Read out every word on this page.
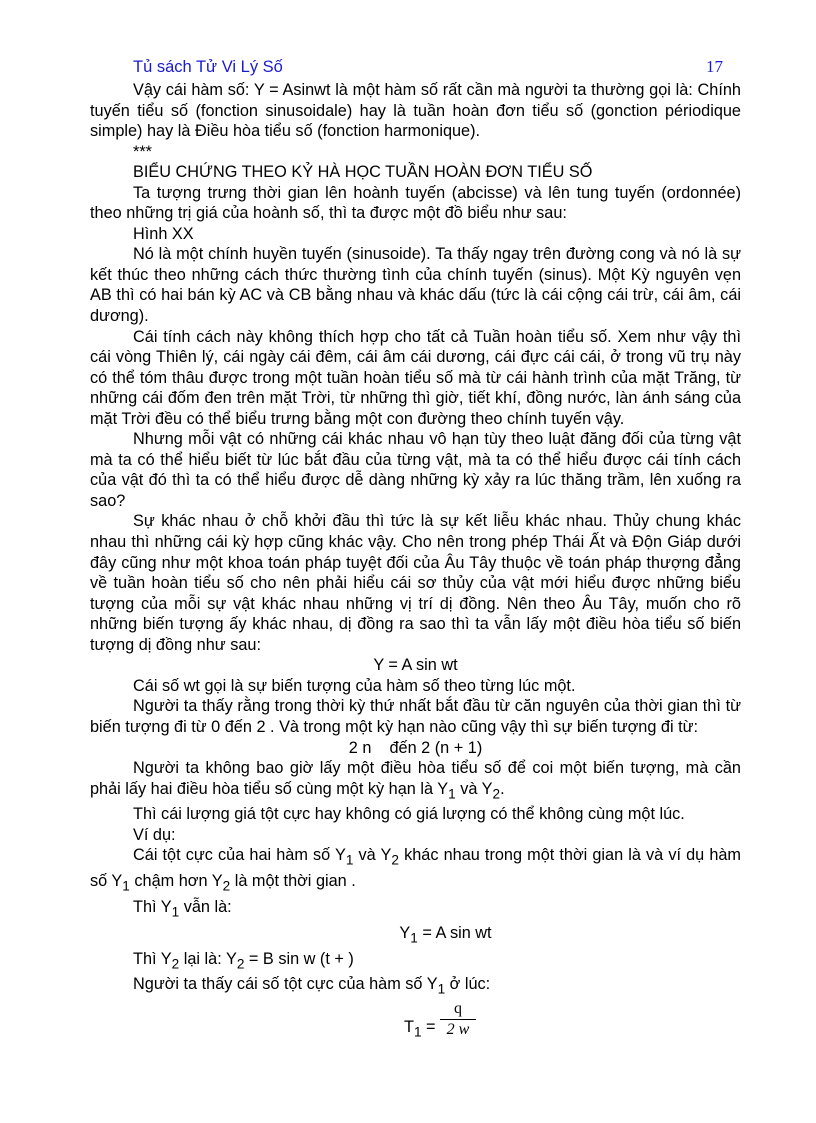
Tủ sách Tử Vi Lý Số	17

Vậy cái hàm số: Y = Asinwt là một hàm số rất cần mà người ta thường gọi là: Chính tuyến tiểu số (fonction sinusoidale) hay là tuần hoàn đơn tiểu số (gonction périodique simple) hay là Điều hòa tiểu số (fonction harmonique).

***

BIỂU CHỨNG THEO KỶ HÀ HỌC TUẦN HOÀN ĐƠN TIỂU SỐ

Ta tượng trưng thời gian lên hoành tuyến (abcisse) và lên tung tuyến (ordonnée) theo những trị giá của hoành số, thì ta được một đồ biểu như sau:

Hình XX

Nó là một chính huyền tuyến (sinusoide). Ta thấy ngay trên đường cong và nó là sự kết thúc theo những cách thức thường tình của chính tuyến (sinus). Một Kỳ nguyên vẹn AB thì có hai bán kỳ AC và CB bằng nhau và khác dấu (tức là cái cộng cái trừ, cái âm, cái dương).

Cái tính cách này không thích hợp cho tất cả Tuần hoàn tiểu số. Xem như vậy thì cái vòng Thiên lý, cái ngày cái đêm, cái âm cái dương, cái đực cái cái, ở trong vũ trụ này có thể tóm thâu được trong một tuần hoàn tiểu số mà từ cái hành trình của mặt Trăng, từ những cái đốm đen trên mặt Trời, từ những thì giờ, tiết khí, đồng nước, làn ánh sáng của mặt Trời đều có thể biểu trưng bằng một con đường theo chính tuyến vậy.

Nhưng mỗi vật có những cái khác nhau vô hạn tùy theo luật đăng đối của từng vật mà ta có thể hiểu biết từ lúc bắt đầu của từng vật, mà ta có thể hiểu được cái tính cách của vật đó thì ta có thể hiểu được dễ dàng những kỳ xảy ra lúc thăng trầm, lên xuống ra sao?

Sự khác nhau ở chỗ khởi đầu thì tức là sự kết liễu khác nhau. Thủy chung khác nhau thì những cái kỳ hợp cũng khác vậy. Cho nên trong phép Thái Ất và Độn Giáp dưới đây cũng như một khoa toán pháp tuyệt đối của Âu Tây thuộc về toán pháp thượng đẳng về tuần hoàn tiểu số cho nên phải hiểu cái sơ thủy của vật mới hiểu được những biểu tượng của mỗi sự vật khác nhau những vị trí dị đồng. Nên theo Âu Tây, muốn cho rõ những biến tượng ấy khác nhau, dị đồng ra sao thì ta vẫn lấy một điều hòa tiểu số biến tượng dị đồng như sau:

Y = A sin wt

Cái số wt gọi là sự biến tượng của hàm số theo từng lúc một.

Người ta thấy rằng trong thời kỳ thứ nhất bắt đầu từ căn nguyên của thời gian thì từ biến tượng đi từ 0 đến 2 . Và trong một kỳ hạn nào cũng vậy thì sự biến tượng đi từ:

2 n    đến 2 (n + 1)

Người ta không bao giờ lấy một điều hòa tiểu số để coi một biến tượng, mà cần phải lấy hai điều hòa tiểu số cùng một kỳ hạn là $Y_1$ và $Y_2$.

Thì cái lượng giá tột cực hay không có giá lượng có thể không cùng một lúc.

Ví dụ:

Cái tột cực của hai hàm số $Y_1$ và $Y_2$ khác nhau trong một thời gian là và ví dụ hàm số $Y_1$ chậm hơn $Y_2$ là một thời gian .

Thì $Y_1$ vẫn là:

$Y_1 = A$ sin wt

Thì $Y_2$ lại là: $Y_2 = B$ sin w (t + )

Người ta thấy cái số tột cực của hàm số $Y_1$ ở lúc:

$T_1 = \frac{q}{2 w}$
